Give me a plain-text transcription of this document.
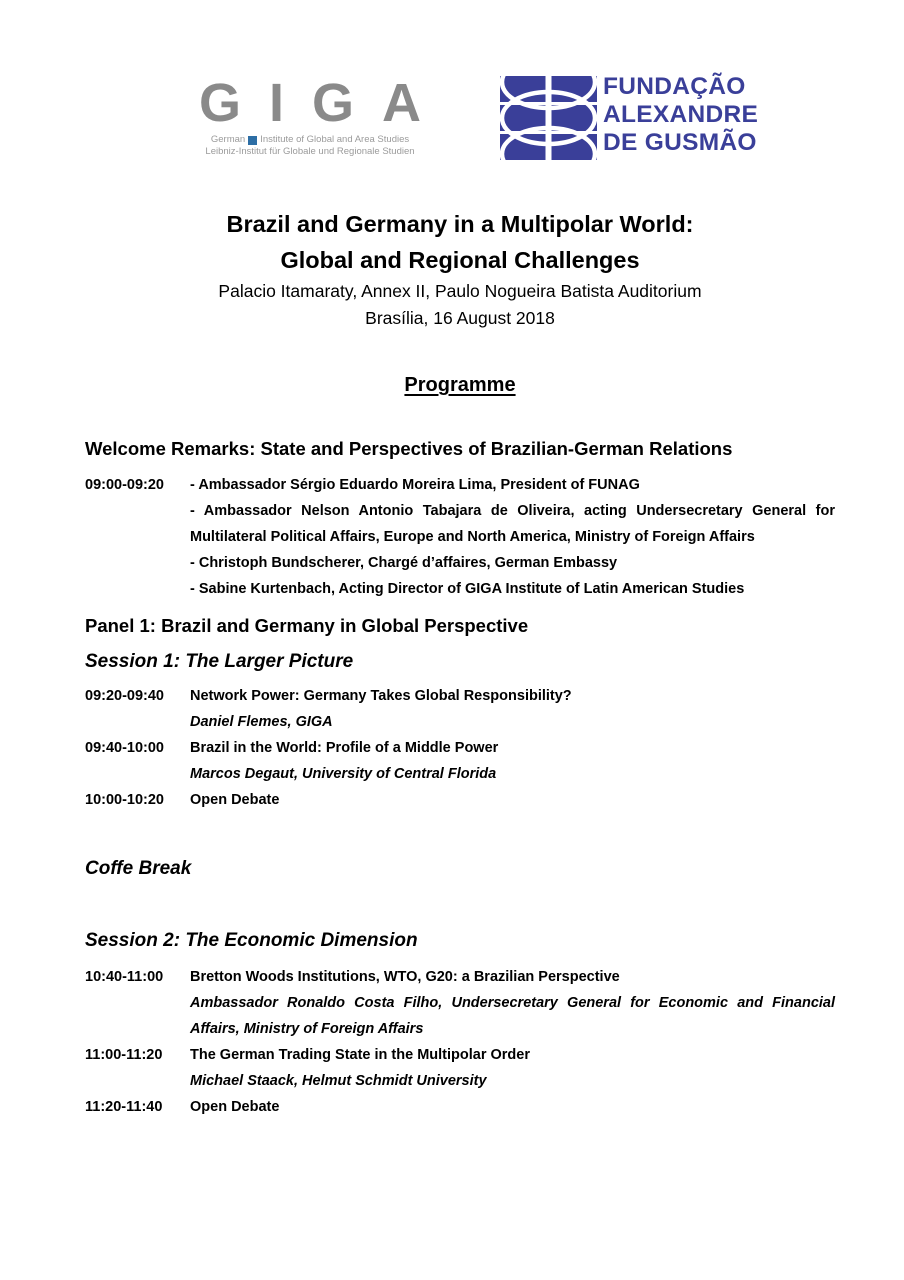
GIGA
German Institute of Global and Area Studies
Leibniz-Institut für Globale und Regionale Studien
FUNDAÇÃO
ALEXANDRE
DE GUSMÃO
Brazil and Germany in a Multipolar World:
Global and Regional Challenges
Palacio Itamaraty, Annex II, Paulo Nogueira Batista Auditorium
Brasília, 16 August 2018
Programme
Welcome Remarks: State and Perspectives of Brazilian-German Relations
09:00-09:20	- Ambassador Sérgio Eduardo Moreira Lima, President of FUNAG

- Ambassador Nelson Antonio Tabajara de Oliveira, acting Undersecretary General for Multilateral Political Affairs, Europe and North America, Ministry of Foreign Affairs

- Christoph Bundscherer, Chargé d’affaires, German Embassy

- Sabine Kurtenbach, Acting Director of GIGA Institute of Latin American Studies

Panel 1: Brazil and Germany in Global Perspective
Session 1: The Larger Picture
09:20-09:40	Network Power: Germany Takes Global Responsibility?
Daniel Flemes, GIGA
09:40-10:00	Brazil in the World: Profile of a Middle Power
Marcos Degaut, University of Central Florida
10:00-10:20	Open Debate
Coffe Break
Session 2: The Economic Dimension
10:40-11:00	Bretton Woods Institutions, WTO, G20: a Brazilian Perspective
Ambassador Ronaldo Costa Filho, Undersecretary General for Economic and Financial Affairs, Ministry of Foreign Affairs
11:00-11:20	The German Trading State in the Multipolar Order
Michael Staack, Helmut Schmidt University
11:20-11:40	Open Debate
